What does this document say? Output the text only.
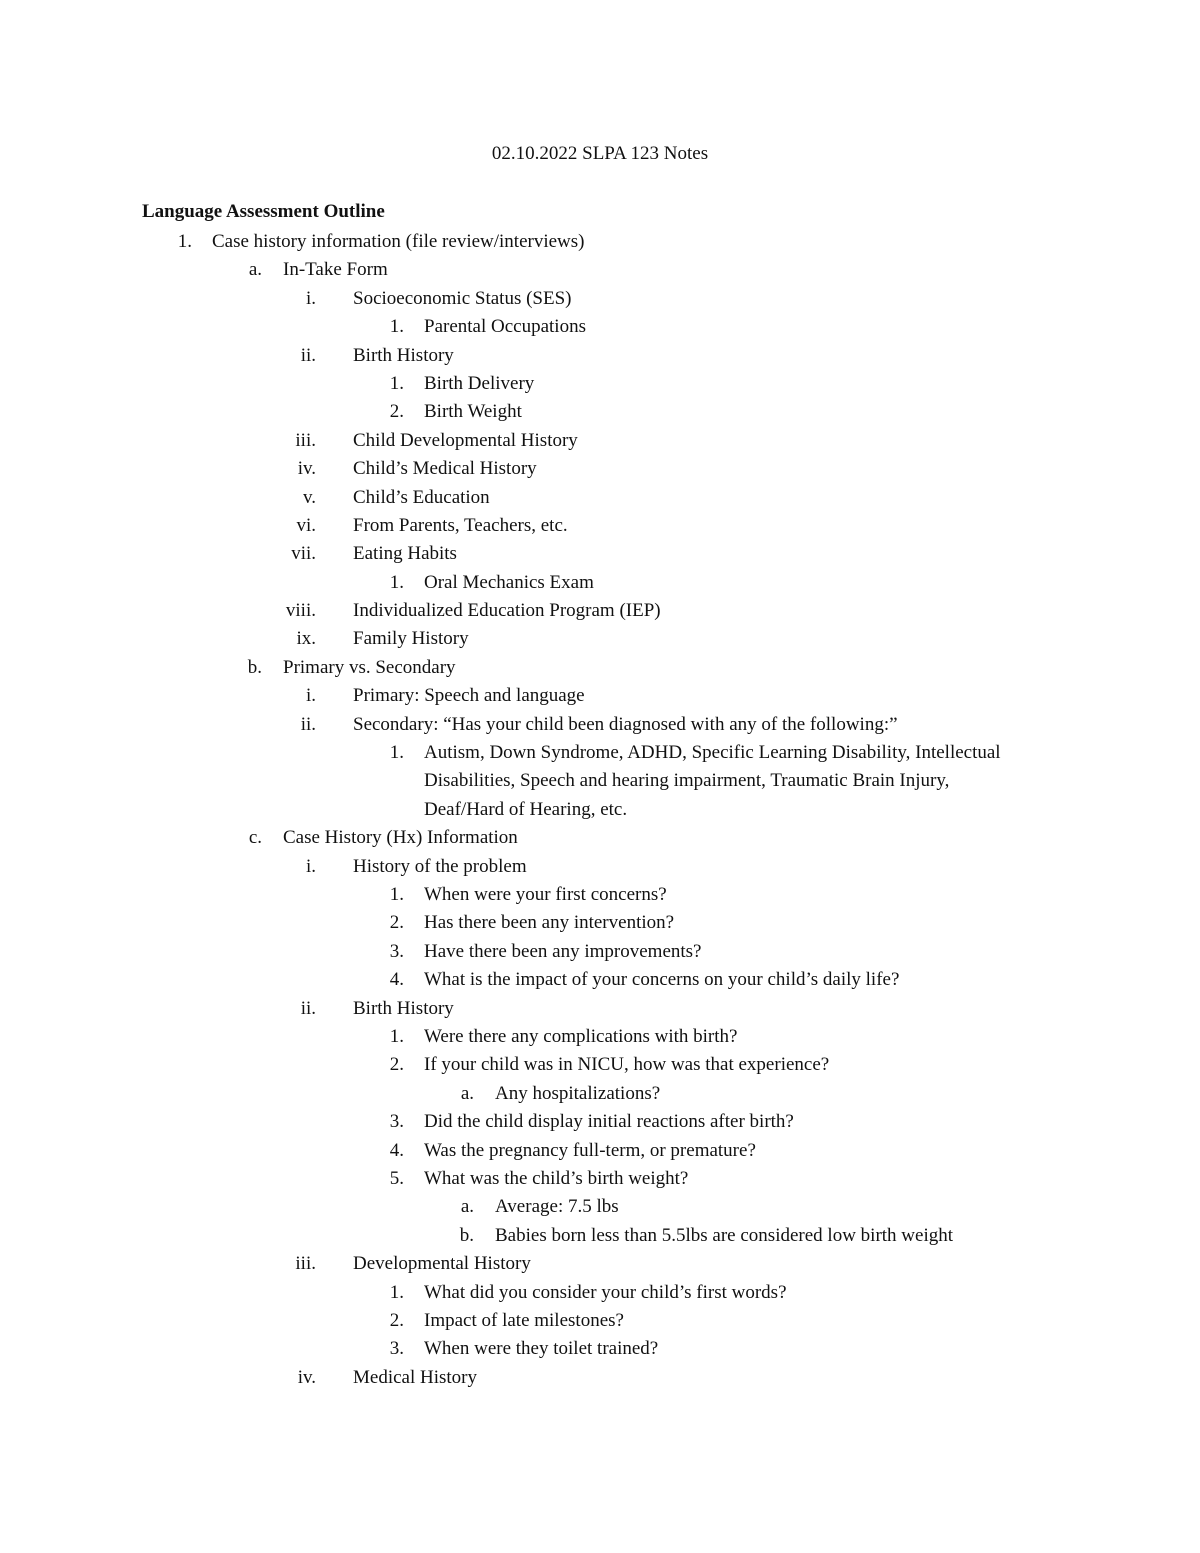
02.10.2022 SLPA 123 Notes
Language Assessment Outline
1. Case history information (file review/interviews)
a. In-Take Form
i. Socioeconomic Status (SES)
1. Parental Occupations
ii. Birth History
1. Birth Delivery
2. Birth Weight
iii. Child Developmental History
iv. Child’s Medical History
v. Child’s Education
vi. From Parents, Teachers, etc.
vii. Eating Habits
1. Oral Mechanics Exam
viii. Individualized Education Program (IEP)
ix. Family History
b. Primary vs. Secondary
i. Primary: Speech and language
ii. Secondary: “Has your child been diagnosed with any of the following:”
1. Autism, Down Syndrome, ADHD, Specific Learning Disability, Intellectual Disabilities, Speech and hearing impairment, Traumatic Brain Injury, Deaf/Hard of Hearing, etc.
c. Case History (Hx) Information
i. History of the problem
1. When were your first concerns?
2. Has there been any intervention?
3. Have there been any improvements?
4. What is the impact of your concerns on your child’s daily life?
ii. Birth History
1. Were there any complications with birth?
2. If your child was in NICU, how was that experience?
a. Any hospitalizations?
3. Did the child display initial reactions after birth?
4. Was the pregnancy full-term, or premature?
5. What was the child’s birth weight?
a. Average: 7.5 lbs
b. Babies born less than 5.5lbs are considered low birth weight
iii. Developmental History
1. What did you consider your child’s first words?
2. Impact of late milestones?
3. When were they toilet trained?
iv. Medical History
